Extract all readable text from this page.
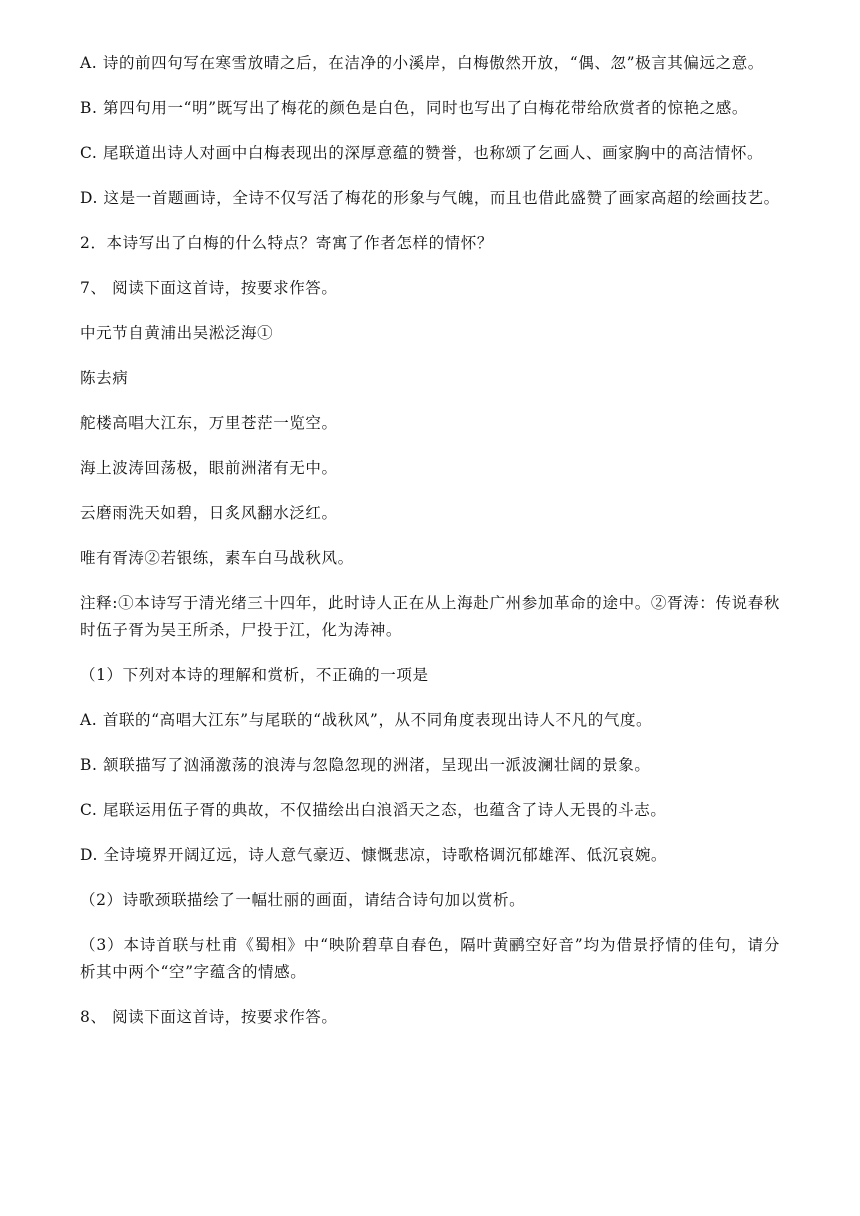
A. 诗的前四句写在寒雪放晴之后，在洁净的小溪岸，白梅傲然开放，“偶、忽”极言其偏远之意。

B. 第四句用一“明”既写出了梅花的颜色是白色，同时也写出了白梅花带给欣赏者的惊艳之感。

C. 尾联道出诗人对画中白梅表现出的深厚意蕴的赞誉，也称颂了乞画人、画家胸中的高洁情怀。

D. 这是一首题画诗，全诗不仅写活了梅花的形象与气魄，而且也借此盛赞了画家高超的绘画技艺。

2．本诗写出了白梅的什么特点？寄寓了作者怎样的情怀？

7、 阅读下面这首诗，按要求作答。

中元节自黄浦出吴淞泛海①

陈去病

舵楼高唱大江东，万里苍茫一览空。

海上波涛回荡极，眼前洲渚有无中。

云磨雨洗天如碧，日炙风翻水泛红。

唯有胥涛②若银练，素车白马战秋风。

注释:①本诗写于清光绪三十四年，此时诗人正在从上海赴广州参加革命的途中。②胥涛：传说春秋时伍子胥为吴王所杀，尸投于江，化为涛神。

（1）下列对本诗的理解和赏析，不正确的一项是

A. 首联的“高唱大江东”与尾联的“战秋风”，从不同角度表现出诗人不凡的气度。

B. 颔联描写了汹涌激荡的浪涛与忽隐忽现的洲渚，呈现出一派波澜壮阔的景象。

C. 尾联运用伍子胥的典故，不仅描绘出白浪滔天之态，也蕴含了诗人无畏的斗志。

D. 全诗境界开阔辽远，诗人意气豪迈、慷慨悲凉，诗歌格调沉郁雄浑、低沉哀婉。

（2）诗歌颈联描绘了一幅壮丽的画面，请结合诗句加以赏析。

（3）本诗首联与杜甫《蜀相》中“映阶碧草自春色，隔叶黄鹂空好音”均为借景抒情的佳句，请分析其中两个“空”字蕴含的情感。

8、 阅读下面这首诗，按要求作答。
